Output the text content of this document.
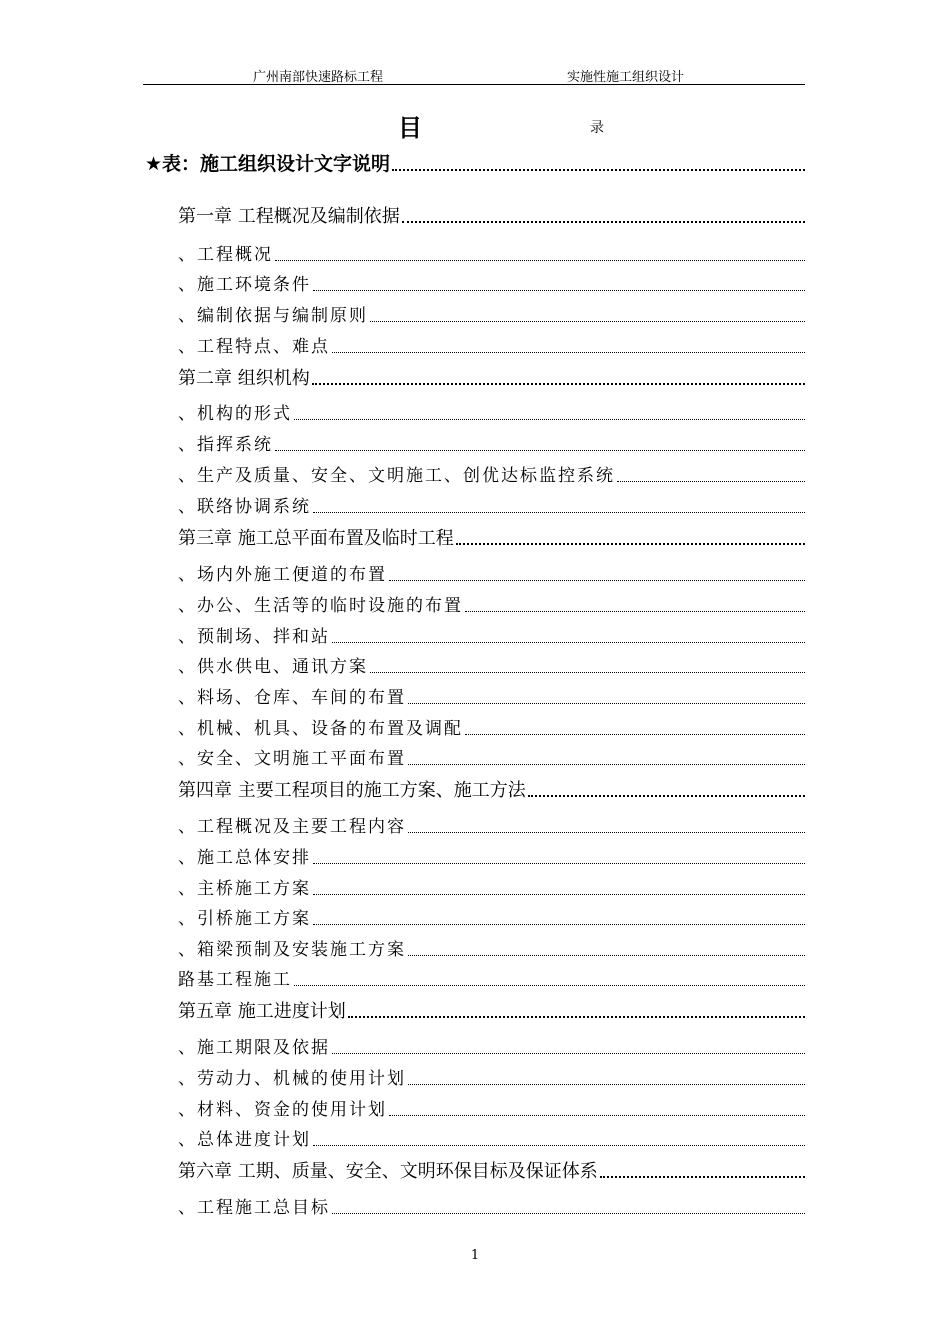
广州南部快速路标工程	实施性施工组织设计
目	录
★表：施工组织设计文字说明
第一章 工程概况及编制依据
、工程概况
、施工环境条件
、编制依据与编制原则
、工程特点、难点
第二章 组织机构
、机构的形式
、指挥系统
、生产及质量、安全、文明施工、创优达标监控系统
、联络协调系统
第三章 施工总平面布置及临时工程
、场内外施工便道的布置
、办公、生活等的临时设施的布置
、预制场、拌和站
、供水供电、通讯方案
、料场、仓库、车间的布置
、机械、机具、设备的布置及调配
、安全、文明施工平面布置
第四章 主要工程项目的施工方案、施工方法
、工程概况及主要工程内容
、施工总体安排
、主桥施工方案
、引桥施工方案
、箱梁预制及安装施工方案
路基工程施工
第五章 施工进度计划
、施工期限及依据
、劳动力、机械的使用计划
、材料、资金的使用计划
、总体进度计划
第六章 工期、质量、安全、文明环保目标及保证体系
、工程施工总目标
1
